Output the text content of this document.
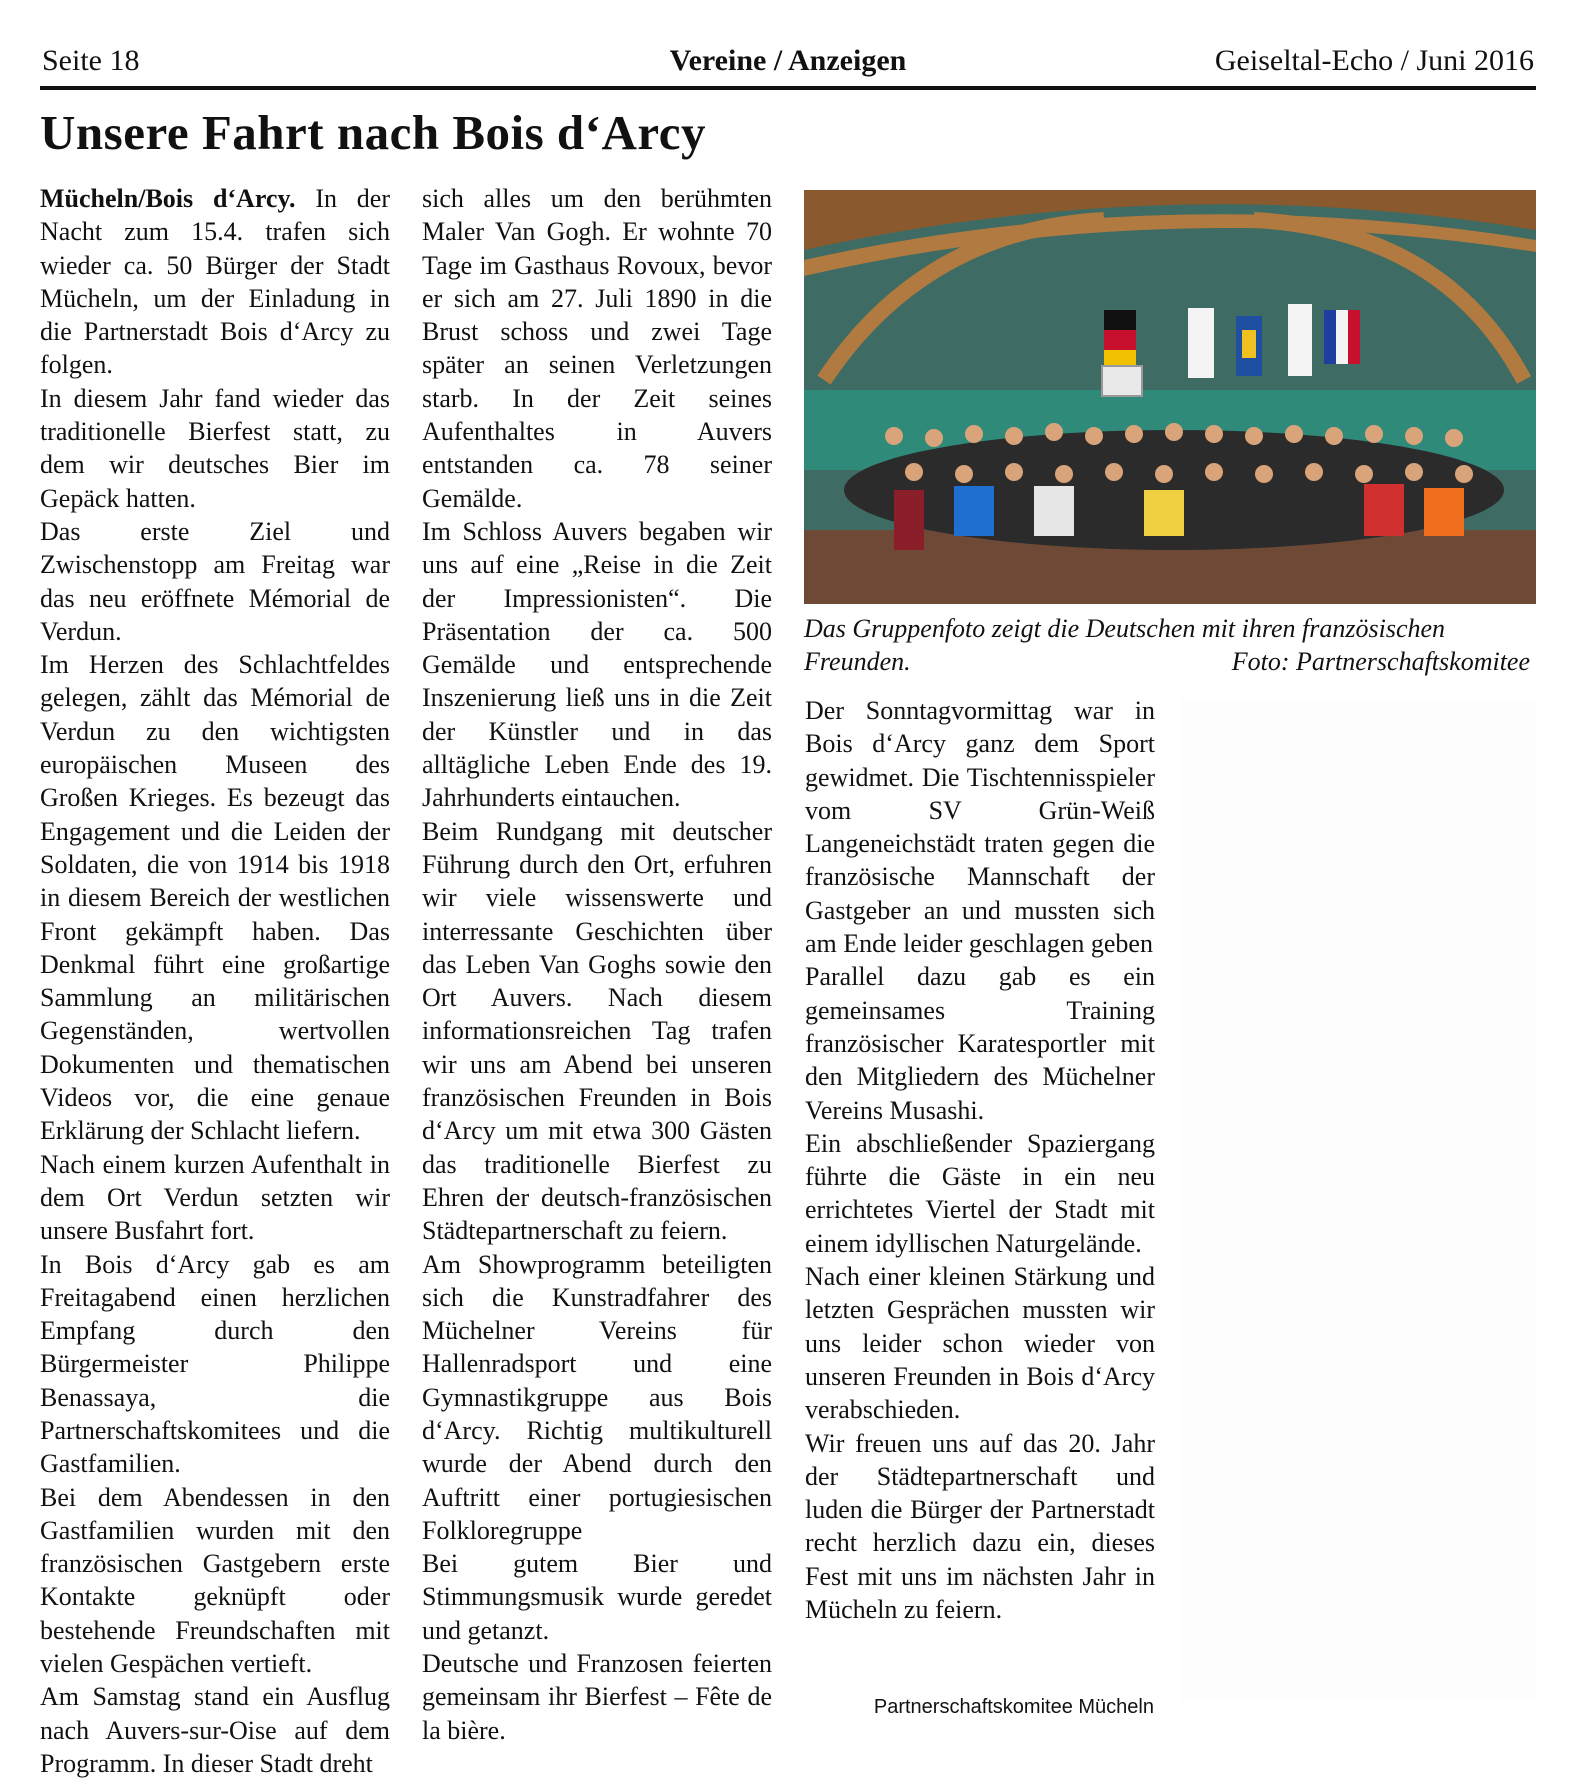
Seite 18	Vereine / Anzeigen	Geiseltal-Echo / Juni 2016
Unsere Fahrt nach Bois d‘Arcy

Mücheln/Bois d‘Arcy. In der Nacht zum 15.4. trafen sich wieder ca. 50 Bürger der Stadt Mücheln, um der Einladung in die Partnerstadt Bois d‘Arcy zu folgen.

In diesem Jahr fand wieder das traditionelle Bierfest statt, zu dem wir deutsches Bier im Gepäck hatten.

Das erste Ziel und Zwischenstopp am Freitag war das neu eröffnete Mémorial de Verdun.

Im Herzen des Schlachtfeldes gelegen, zählt das Mémorial de Verdun zu den wichtigsten europäischen Museen des Großen Krieges. Es bezeugt das Engagement und die Leiden der Soldaten, die von 1914 bis 1918 in diesem Bereich der westlichen Front gekämpft haben. Das Denkmal führt eine großartige Sammlung an militärischen Gegenständen, wertvollen Dokumenten und thematischen Videos vor, die eine genaue Erklärung der Schlacht liefern.

Nach einem kurzen Aufenthalt in dem Ort Verdun setzten wir unsere Busfahrt fort.

In Bois d‘Arcy gab es am Freitagabend einen herzlichen Empfang durch den Bürgermeister Philippe Benassaya, die Partnerschaftskomitees und die Gastfamilien.

Bei dem Abendessen in den Gastfamilien wurden mit den französischen Gastgebern erste Kontakte geknüpft oder bestehende Freundschaften mit vielen Gespächen vertieft.

Am Samstag stand ein Ausflug nach Auvers-sur-Oise auf dem Programm. In dieser Stadt dreht

sich alles um den berühmten Maler Van Gogh. Er wohnte 70 Tage im Gasthaus Rovoux, bevor er sich am 27. Juli 1890 in die Brust schoss und zwei Tage später an seinen Verletzungen starb. In der Zeit seines Aufenthaltes in Auvers entstanden ca. 78 seiner Gemälde.

Im Schloss Auvers begaben wir uns auf eine „Reise in die Zeit der Impressionisten“. Die Präsentation der ca. 500 Gemälde und entsprechende Inszenierung ließ uns in die Zeit der Künstler und in das alltägliche Leben Ende des 19. Jahrhunderts eintauchen.

Beim Rundgang mit deutscher Führung durch den Ort, erfuhren wir viele wissenswerte und interressante Geschichten über das Leben Van Goghs sowie den Ort Auvers. Nach diesem informationsreichen Tag trafen wir uns am Abend bei unseren französischen Freunden in Bois d‘Arcy um mit etwa 300 Gästen das traditionelle Bierfest zu Ehren der deutsch-französischen Städtepartnerschaft zu feiern.

Am Showprogramm beteiligten sich die Kunstradfahrer des Müchelner Vereins für Hallenradsport und eine Gymnastikgruppe aus Bois d‘Arcy. Richtig multikulturell wurde der Abend durch den Auftritt einer portugiesischen Folkloregruppe

Bei gutem Bier und Stimmungsmusik wurde geredet und getanzt.

Deutsche und Franzosen feierten gemeinsam ihr Bierfest – Fête de la bière.

Das Gruppenfoto zeigt die Deutschen mit ihren französischen Freunden.	Foto: Partnerschaftskomitee

Der Sonntagvormittag war in Bois d‘Arcy ganz dem Sport gewidmet. Die Tischtennisspieler vom SV Grün-Weiß Langeneichstädt traten gegen die französische Mannschaft der Gastgeber an und mussten sich am Ende leider geschlagen geben

Parallel dazu gab es ein gemeinsames Training französischer Karatesportler mit den Mitgliedern des Müchelner Vereins Musashi.

Ein abschließender Spaziergang führte die Gäste in ein neu errichtetes Viertel der Stadt mit einem idyllischen Naturgelände.

Nach einer kleinen Stärkung und letzten Gesprächen mussten wir uns leider schon wieder von unseren Freunden in Bois d‘Arcy verabschieden.

Wir freuen uns auf das 20. Jahr der Städtepartnerschaft und luden die Bürger der Partnerstadt recht herzlich dazu ein, dieses Fest mit uns im nächsten Jahr in Mücheln zu feiern.

Partnerschaftskomitee Mücheln
